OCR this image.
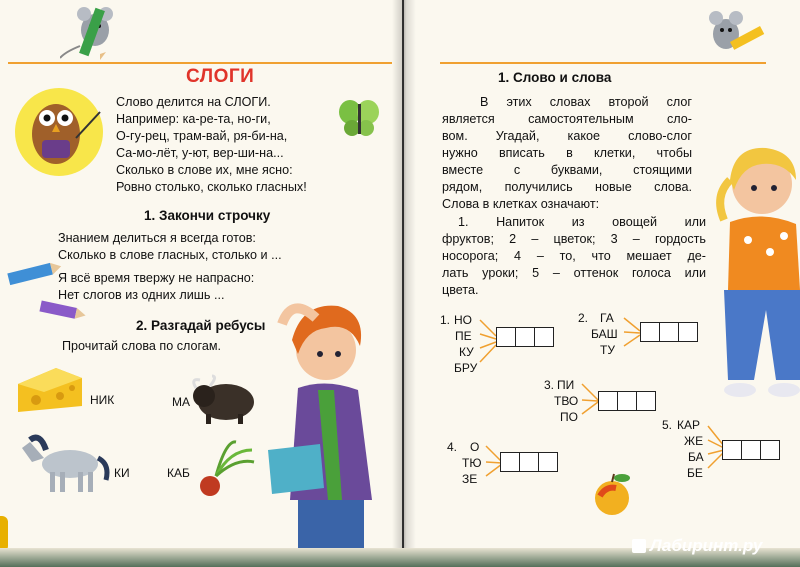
СЛОГИ
Слово делится на СЛОГИ.
Например: ка-ре-та, но-ги,
О-гу-рец, трам-вай, ря-би-на,
Са-мо-лёт, у-ют, вер-ши-на...
Сколько в слове их, мне ясно:
Ровно столько, сколько гласных!
1. Закончи строчку
Знанием делиться я всегда готов:
Сколько в слове гласных, столько и ...
Я всё время твержу не напрасно:
Нет слогов из одних лишь ...
2. Разгадай ребусы
Прочитай слова по слогам.
НИК	МА
КИ	КАБ
1. Слово и слова
В этих словах второй слог
является самостоятельным сло-
вом. Угадай, какое слово-слог
нужно вписать в клетки, чтобы
вместе с буквами, стоящими
рядом, получились новые слова.
Слова в клетках означают:
1. Напиток из овощей или
фруктов; 2 – цветок; 3 – гордость
носорога; 4 – то, что мешает де-
лать уроки; 5 – оттенок голоса или
цвета.
1. НО
ПЕ
КУ
БРУ
2. ГА
БАШ
ТУ
3. ПИ
ТВО
ПО
4. О
ТЮ
ЗЕ
5. КАР
ЖЕ
БА
БЕ
Лабиринт.ру
